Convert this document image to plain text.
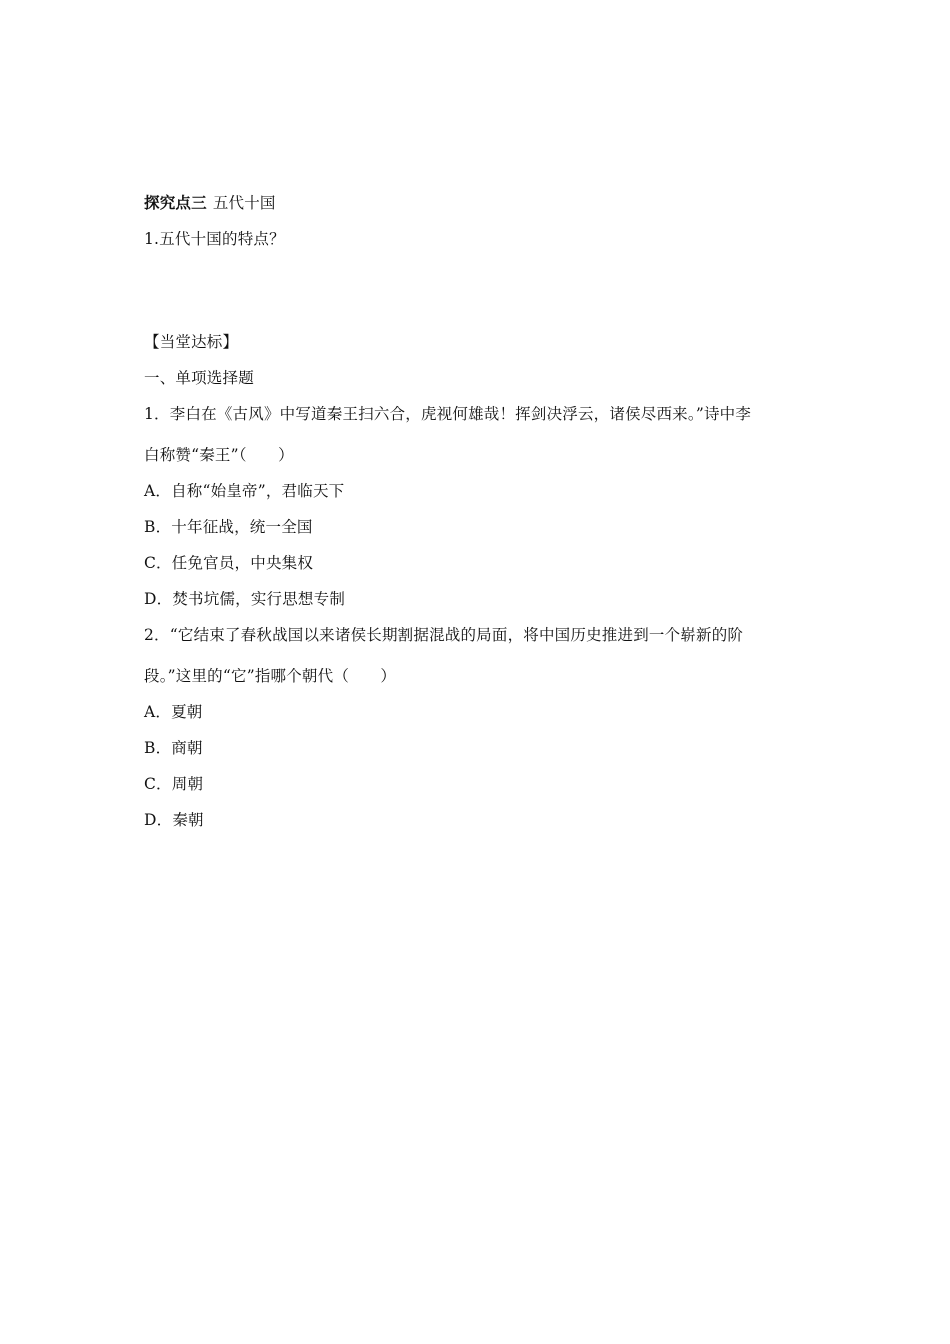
探究点三 五代十国
1.五代十国的特点？
【当堂达标】
一、单项选择题
1．李白在《古风》中写道秦王扫六合，虎视何雄哉！挥剑决浮云，诸侯尽西来。”诗中李
白称赞“秦王”（　　）
A．自称“始皇帝”，君临天下
B．十年征战，统一全国
C．任免官员，中央集权
D．焚书坑儒，实行思想专制
2．“它结束了春秋战国以来诸侯长期割据混战的局面，将中国历史推进到一个崭新的阶
段。”这里的“它”指哪个朝代（　　）
A．夏朝
B．商朝
C．周朝
D．秦朝
